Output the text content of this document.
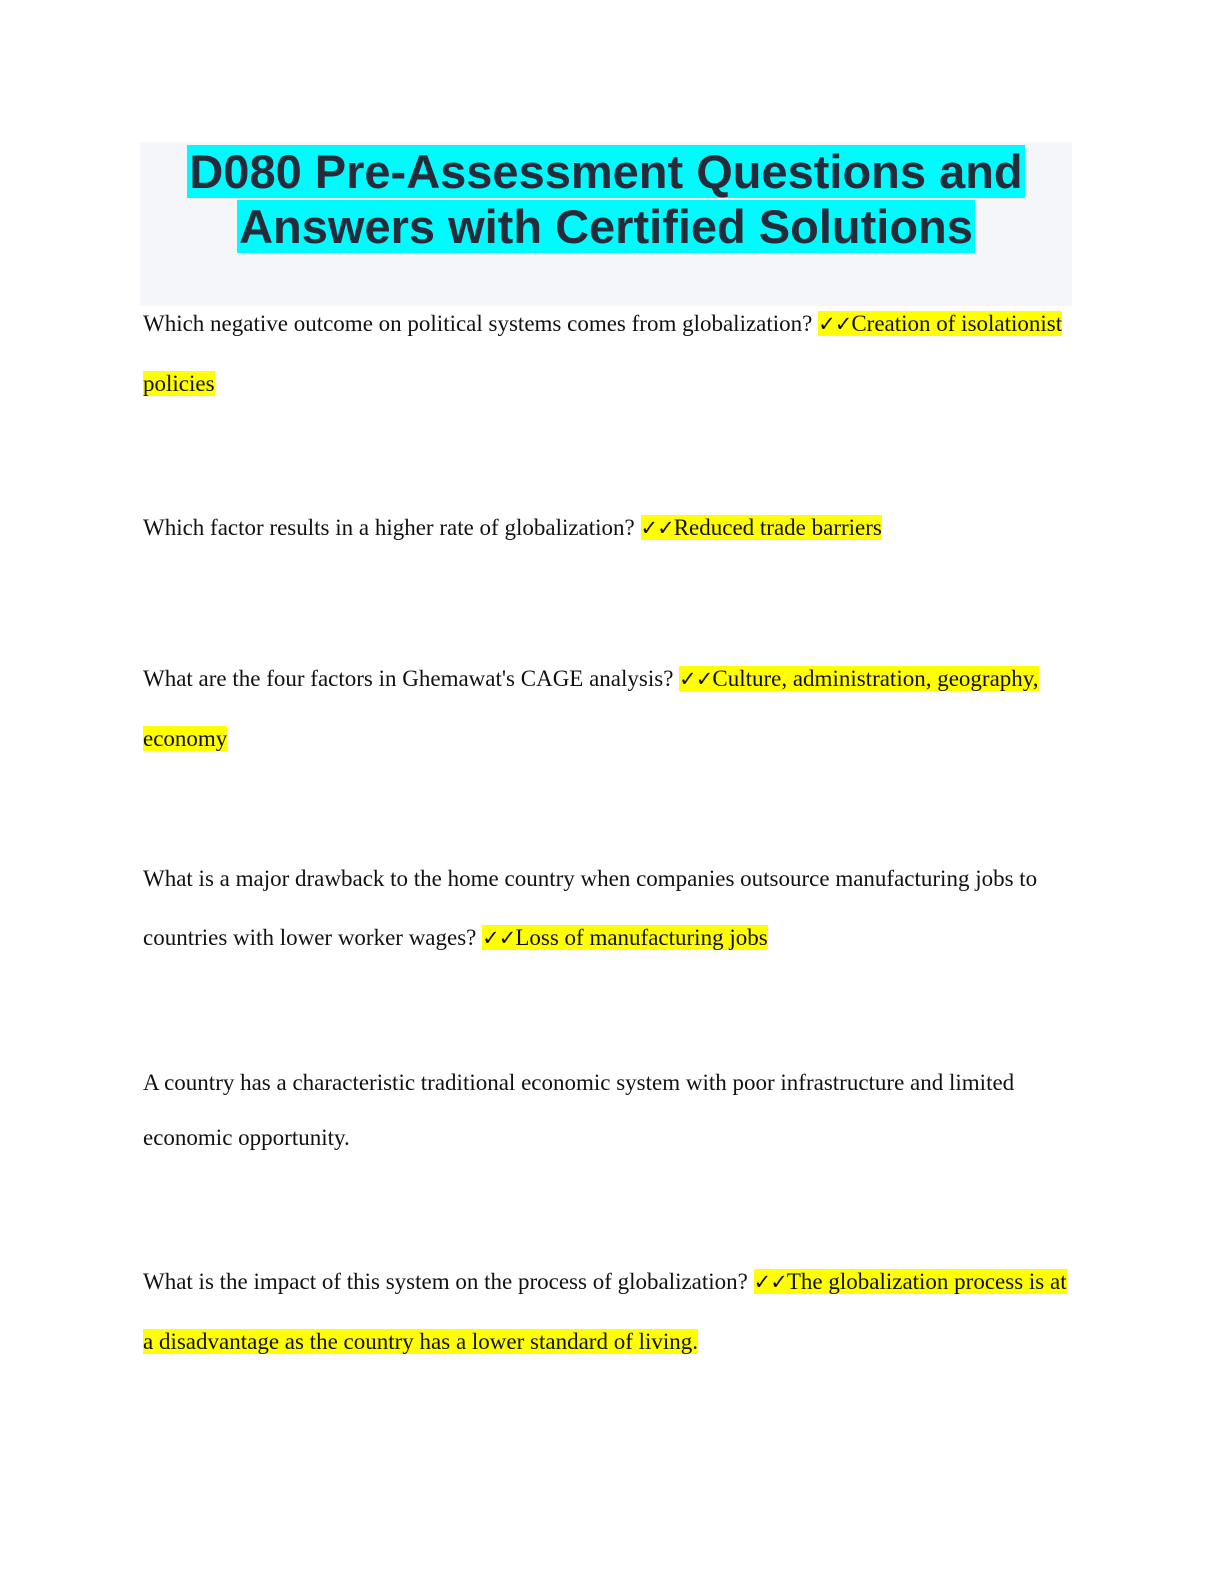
D080 Pre-Assessment Questions and
Answers with Certified Solutions

Which negative outcome on political systems comes from globalization? ✓✓Creation of isolationist policies

Which factor results in a higher rate of globalization? ✓✓Reduced trade barriers

What are the four factors in Ghemawat's CAGE analysis? ✓✓Culture, administration, geography, economy

What is a major drawback to the home country when companies outsource manufacturing jobs to countries with lower worker wages? ✓✓Loss of manufacturing jobs

A country has a characteristic traditional economic system with poor infrastructure and limited economic opportunity.

What is the impact of this system on the process of globalization? ✓✓The globalization process is at a disadvantage as the country has a lower standard of living.
